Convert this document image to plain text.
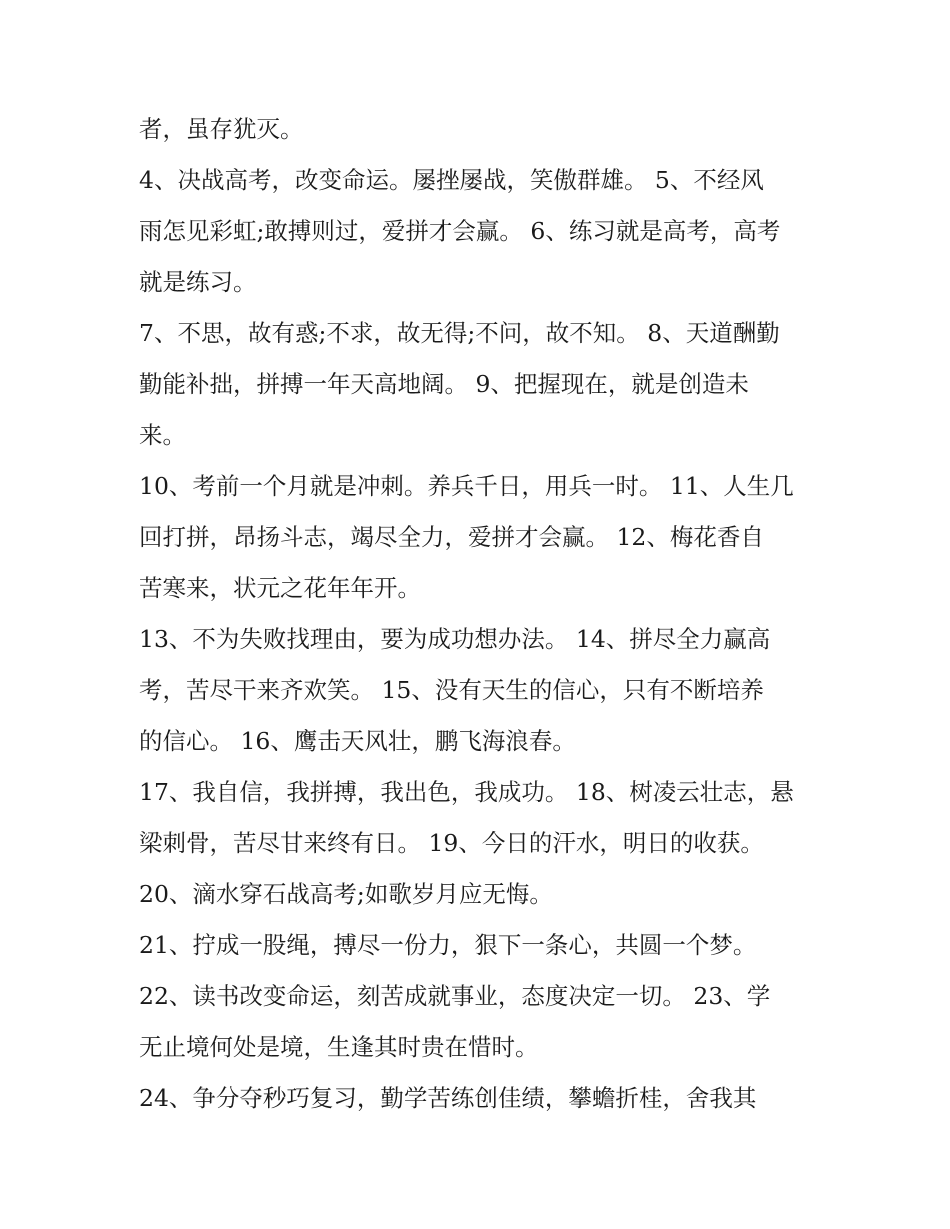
者，虽存犹灭。
4、决战高考，改变命运。屡挫屡战，笑傲群雄。 5、不经风
雨怎见彩虹;敢搏则过，爱拼才会赢。 6、练习就是高考，高考
就是练习。
7、不思，故有惑;不求，故无得;不问，故不知。 8、天道酬勤
勤能补拙，拼搏一年天高地阔。 9、把握现在，就是创造未
来。
10、考前一个月就是冲刺。养兵千日，用兵一时。 11、人生几
回打拼，昂扬斗志，竭尽全力，爱拼才会赢。 12、梅花香自
苦寒来，状元之花年年开。
13、不为失败找理由，要为成功想办法。 14、拼尽全力赢高
考，苦尽干来齐欢笑。 15、没有天生的信心，只有不断培养
的信心。 16、鹰击天风壮，鹏飞海浪春。
17、我自信，我拼搏，我出色，我成功。 18、树凌云壮志，悬
梁刺骨，苦尽甘来终有日。 19、今日的汗水，明日的收获。
20、滴水穿石战高考;如歌岁月应无悔。
21、拧成一股绳，搏尽一份力，狠下一条心，共圆一个梦。
22、读书改变命运，刻苦成就事业，态度决定一切。 23、学
无止境何处是境，生逢其时贵在惜时。
24、争分夺秒巧复习，勤学苦练创佳绩，攀蟾折桂，舍我其
